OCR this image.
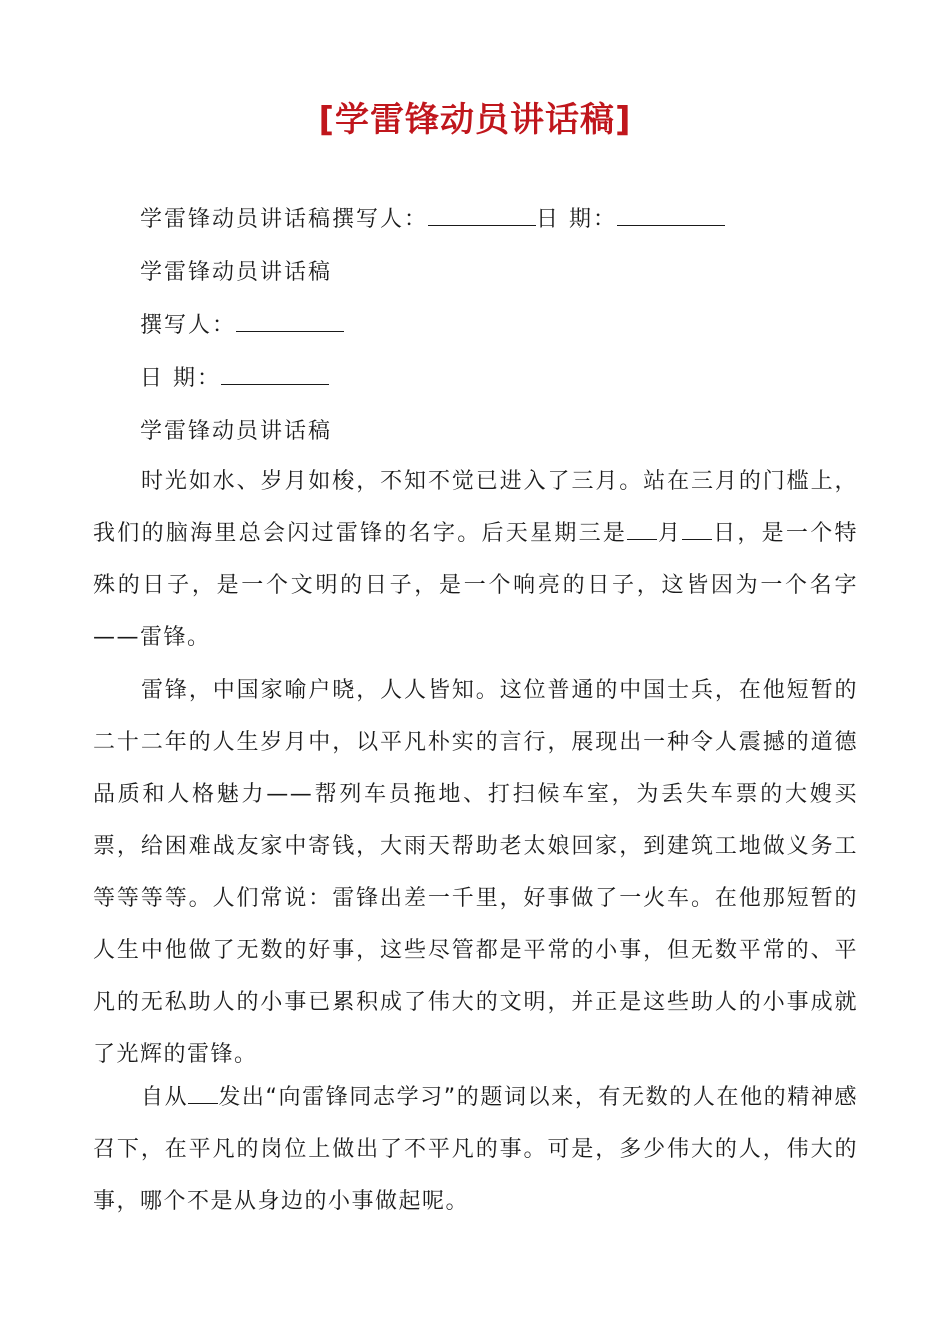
[学雷锋动员讲话稿]
学雷锋动员讲话稿撰写人：	日 期：
学雷锋动员讲话稿
撰写人：
日 期：
学雷锋动员讲话稿

时光如水、岁月如梭，不知不觉已进入了三月。站在三月的门槛上，我们的脑海里总会闪过雷锋的名字。后天星期三是 月 日，是一个特殊的日子，是一个文明的日子，是一个响亮的日子，这皆因为一个名字——雷锋。

雷锋，中国家喻户晓，人人皆知。这位普通的中国士兵，在他短暂的二十二年的人生岁月中，以平凡朴实的言行，展现出一种令人震撼的道德品质和人格魅力——帮列车员拖地、打扫候车室，为丢失车票的大嫂买票，给困难战友家中寄钱，大雨天帮助老太娘回家，到建筑工地做义务工等等等等。人们常说：雷锋出差一千里，好事做了一火车。在他那短暂的人生中他做了无数的好事，这些尽管都是平常的小事，但无数平常的、平凡的无私助人的小事已累积成了伟大的文明，并正是这些助人的小事成就了光辉的雷锋。

自从 发出“向雷锋同志学习”的题词以来，有无数的人在他的精神感召下，在平凡的岗位上做出了不平凡的事。可是，多少伟大的人，伟大的事，哪个不是从身边的小事做起呢。
